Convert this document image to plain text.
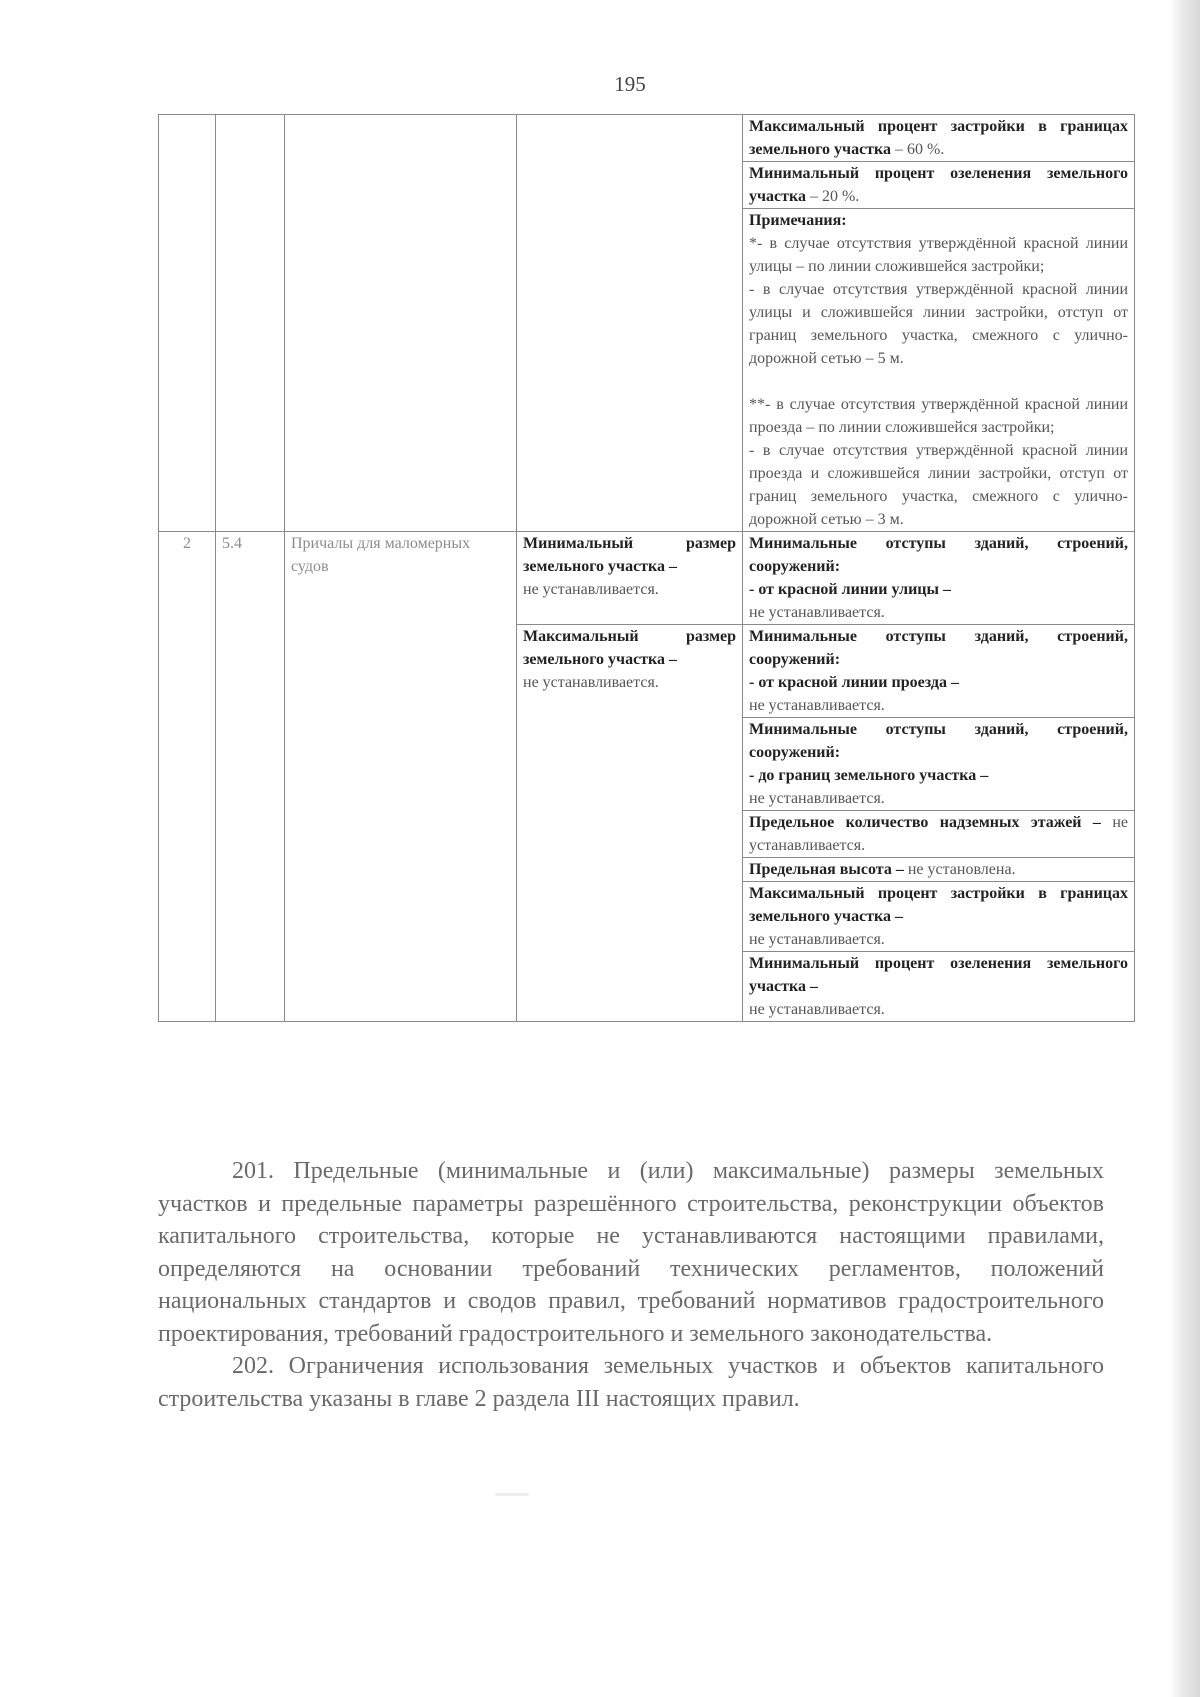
195
				Максимальный процент застройки в границах земельного участка – 60 %.
				Минимальный процент озеленения земельного участка – 20 %.
				Примечания:
*- в случае отсутствия утверждённой красной линии улицы – по линии сложившейся застройки;
- в случае отсутствия утверждённой красной линии улицы и сложившейся линии застройки, отступ от границ земельного участка, смежного с улично-дорожной сетью – 5 м.
**- в случае отсутствия утверждённой красной линии проезда – по линии сложившейся застройки;
- в случае отсутствия утверждённой красной линии проезда и сложившейся линии застройки, отступ от границ земельного участка, смежного с улично-дорожной сетью – 3 м.
2	5.4	Причалы для маломерных судов	Минимальный размер земельного участка –
не устанавливается.	Минимальные отступы зданий, строений, сооружений:
- от красной линии улицы –
не устанавливается.
			Максимальный размер земельного участка –
не устанавливается.	Минимальные отступы зданий, строений, сооружений:
- от красной линии проезда –
не устанавливается.
				Минимальные отступы зданий, строений, сооружений:
- до границ земельного участка –
не устанавливается.
				Предельное количество надземных этажей – не устанавливается.
				Предельная высота – не установлена.
				Максимальный процент застройки в границах земельного участка –
не устанавливается.
				Минимальный процент озеленения земельного участка –
не устанавливается.

201. Предельные (минимальные и (или) максимальные) размеры земельных участков и предельные параметры разрешённого строительства, реконструкции объектов капитального строительства, которые не устанавливаются настоящими правилами, определяются на основании требований технических регламентов, положений национальных стандартов и сводов правил, требований нормативов градостроительного проектирования, требований градостроительного и земельного законодательства.

202. Ограничения использования земельных участков и объектов капитального строительства указаны в главе 2 раздела III настоящих правил.
